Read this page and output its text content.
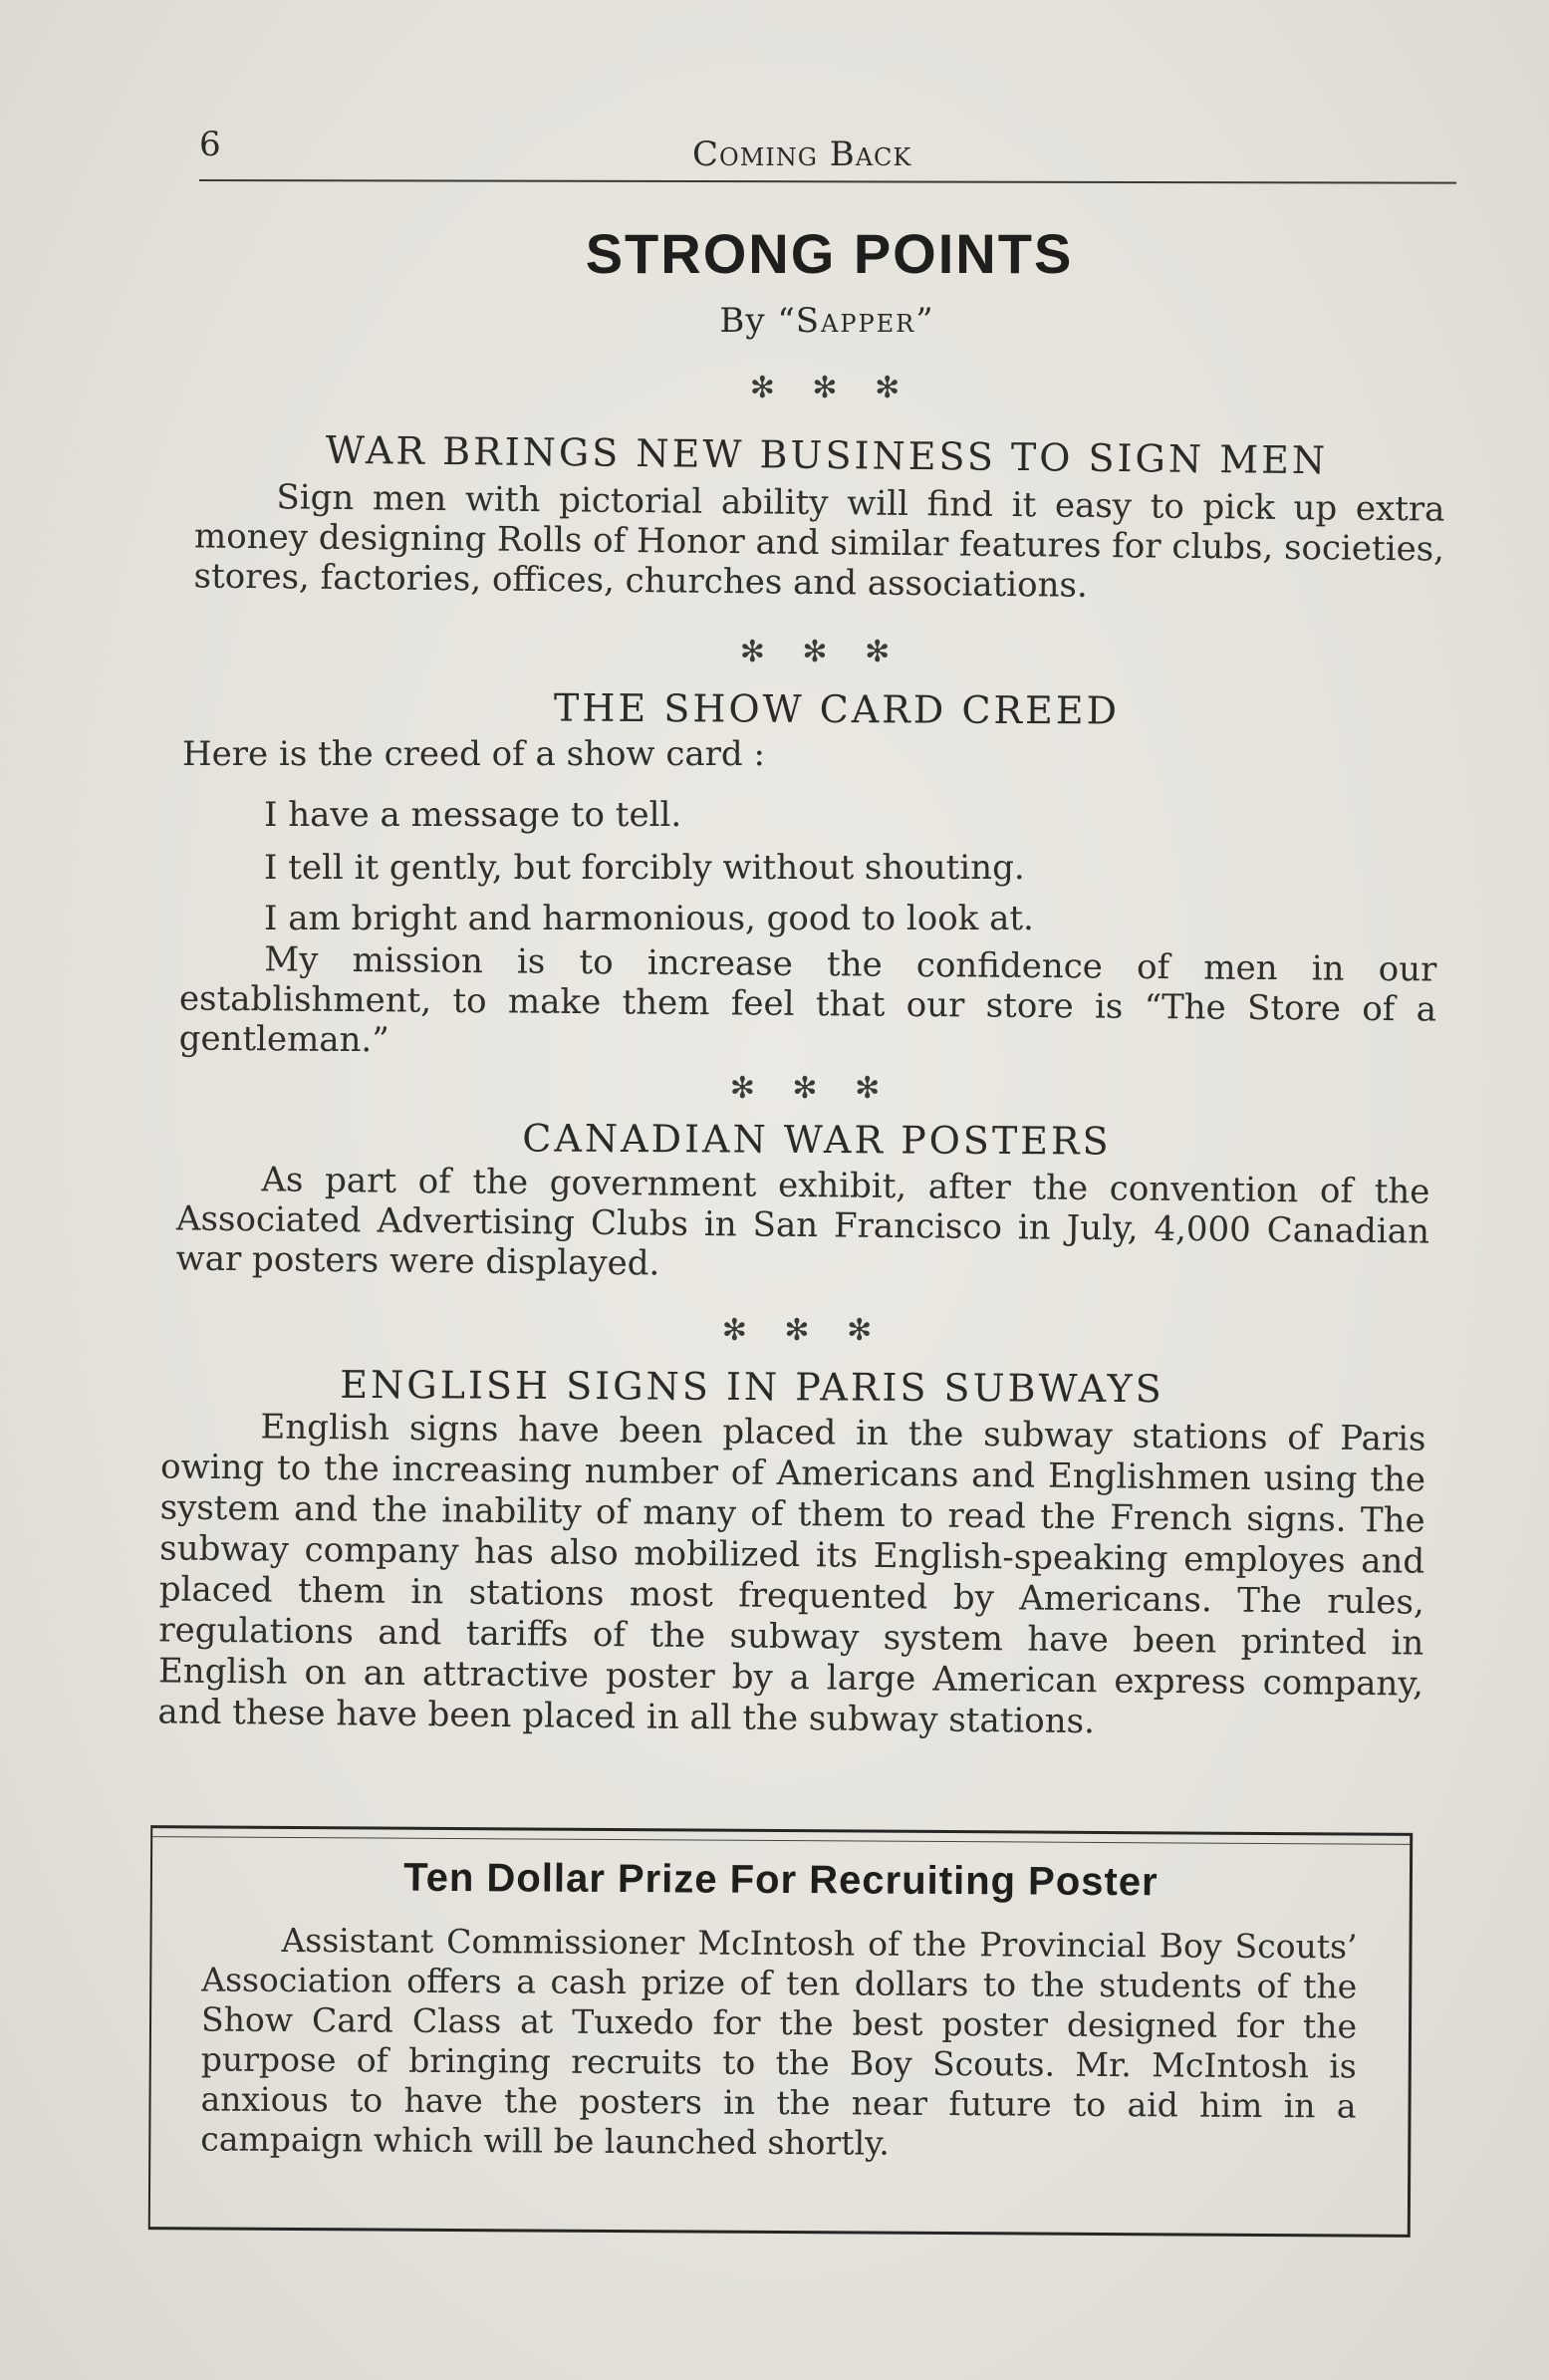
6	Coming Back
STRONG POINTS
By “Sapper”
✻ ✻ ✻
WAR BRINGS NEW BUSINESS TO SIGN MEN

Sign men with pictorial ability will find it easy to pick up extra money designing Rolls of Honor and similar features for clubs, societies, stores, factories, offices, churches and associations.

✻ ✻ ✻
THE SHOW CARD CREED
Here is the creed of a show card :
I have a message to tell.
I tell it gently, but forcibly without shouting.
I am bright and harmonious, good to look at.

My mission is to increase the confidence of men in our establishment, to make them feel that our store is “The Store of a gentleman.”

✻ ✻ ✻
CANADIAN WAR POSTERS

As part of the government exhibit, after the convention of the Associated Advertising Clubs in San Francisco in July, 4,000 Canadian war posters were displayed.

✻ ✻ ✻
ENGLISH SIGNS IN PARIS SUBWAYS

English signs have been placed in the subway stations of Paris owing to the increasing number of Americans and Englishmen using the system and the inability of many of them to read the French signs. The subway company has also mobilized its English-speaking employes and placed them in stations most frequented by Americans. The rules, regulations and tariffs of the subway system have been printed in English on an attractive poster by a large American express company, and these have been placed in all the subway stations.

Ten Dollar Prize For Recruiting Poster

Assistant Commissioner McIntosh of the Provincial Boy Scouts’ Association offers a cash prize of ten dollars to the students of the Show Card Class at Tuxedo for the best poster designed for the purpose of bringing recruits to the Boy Scouts. Mr. McIntosh is anxious to have the posters in the near future to aid him in a campaign which will be launched shortly.
